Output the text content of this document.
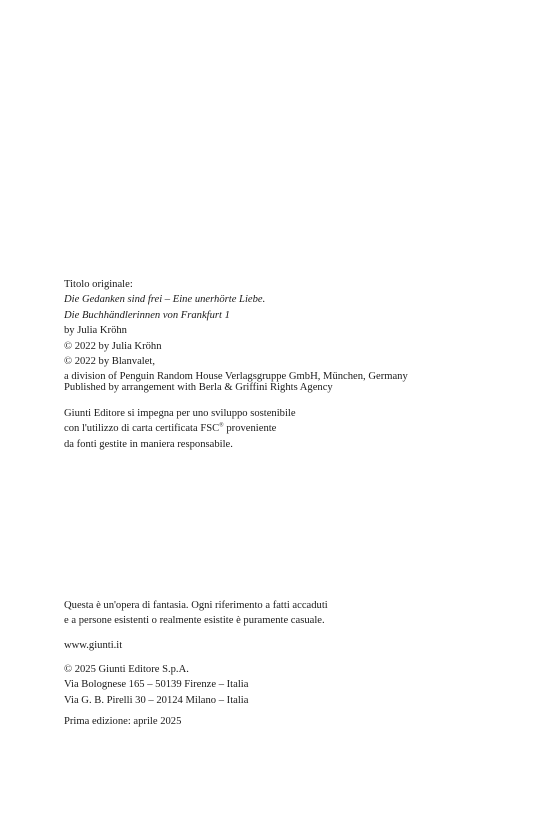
Titolo originale:
Die Gedanken sind frei – Eine unerhörte Liebe.
Die Buchhändlerinnen von Frankfurt 1
by Julia Kröhn
© 2022 by Julia Kröhn
© 2022 by Blanvalet,
a division of Penguin Random House Verlagsgruppe GmbH, München, Germany
Published by arrangement with Berla & Griffini Rights Agency
Giunti Editore si impegna per uno sviluppo sostenibile
con l'utilizzo di carta certificata FSC® proveniente
da fonti gestite in maniera responsabile.
Questa è un'opera di fantasia. Ogni riferimento a fatti accaduti
e a persone esistenti o realmente esistite è puramente casuale.
www.giunti.it
© 2025 Giunti Editore S.p.A.
Via Bolognese 165 – 50139 Firenze – Italia
Via G. B. Pirelli 30 – 20124 Milano – Italia
Prima edizione: aprile 2025
